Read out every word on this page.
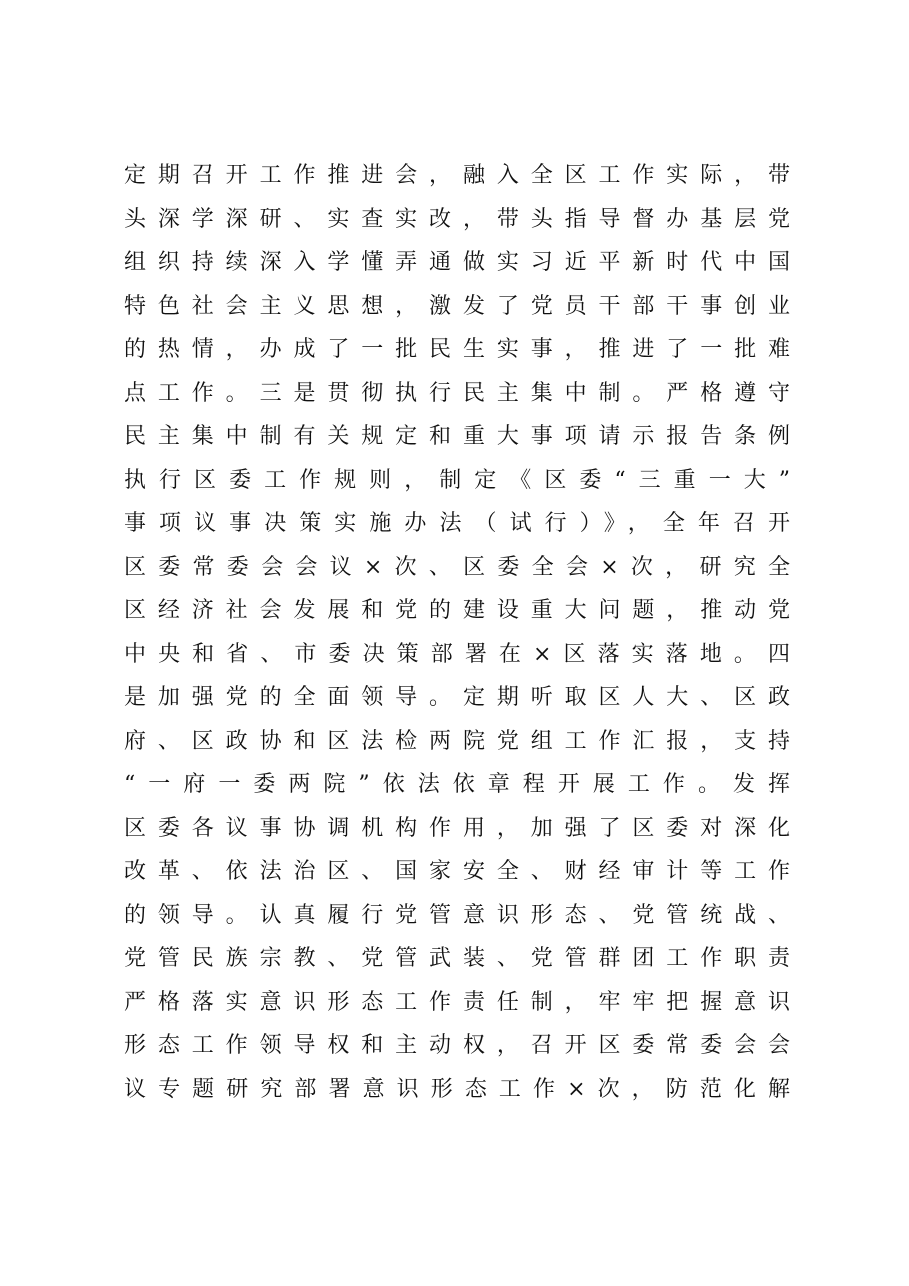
定期召开工作推进会，融入全区工作实际，带
头深学深研、实查实改，带头指导督办基层党
组织持续深入学懂弄通做实习近平新时代中国
特色社会主义思想，激发了党员干部干事创业
的热情，办成了一批民生实事，推进了一批难
点工作。三是贯彻执行民主集中制。严格遵守
民主集中制有关规定和重大事项请示报告条例
执行区委工作规则，制定《区委“三重一大”
事项议事决策实施办法（试行）》，全年召开
区委常委会会议×次、区委全会×次，研究全
区经济社会发展和党的建设重大问题，推动党
中央和省、市委决策部署在×区落实落地。四
是加强党的全面领导。定期听取区人大、区政
府、区政协和区法检两院党组工作汇报，支持
“一府一委两院”依法依章程开展工作。发挥
区委各议事协调机构作用，加强了区委对深化
改革、依法治区、国家安全、财经审计等工作
的领导。认真履行党管意识形态、党管统战、
党管民族宗教、党管武装、党管群团工作职责
严格落实意识形态工作责任制，牢牢把握意识
形态工作领导权和主动权，召开区委常委会会
议专题研究部署意识形态工作×次，防范化解
